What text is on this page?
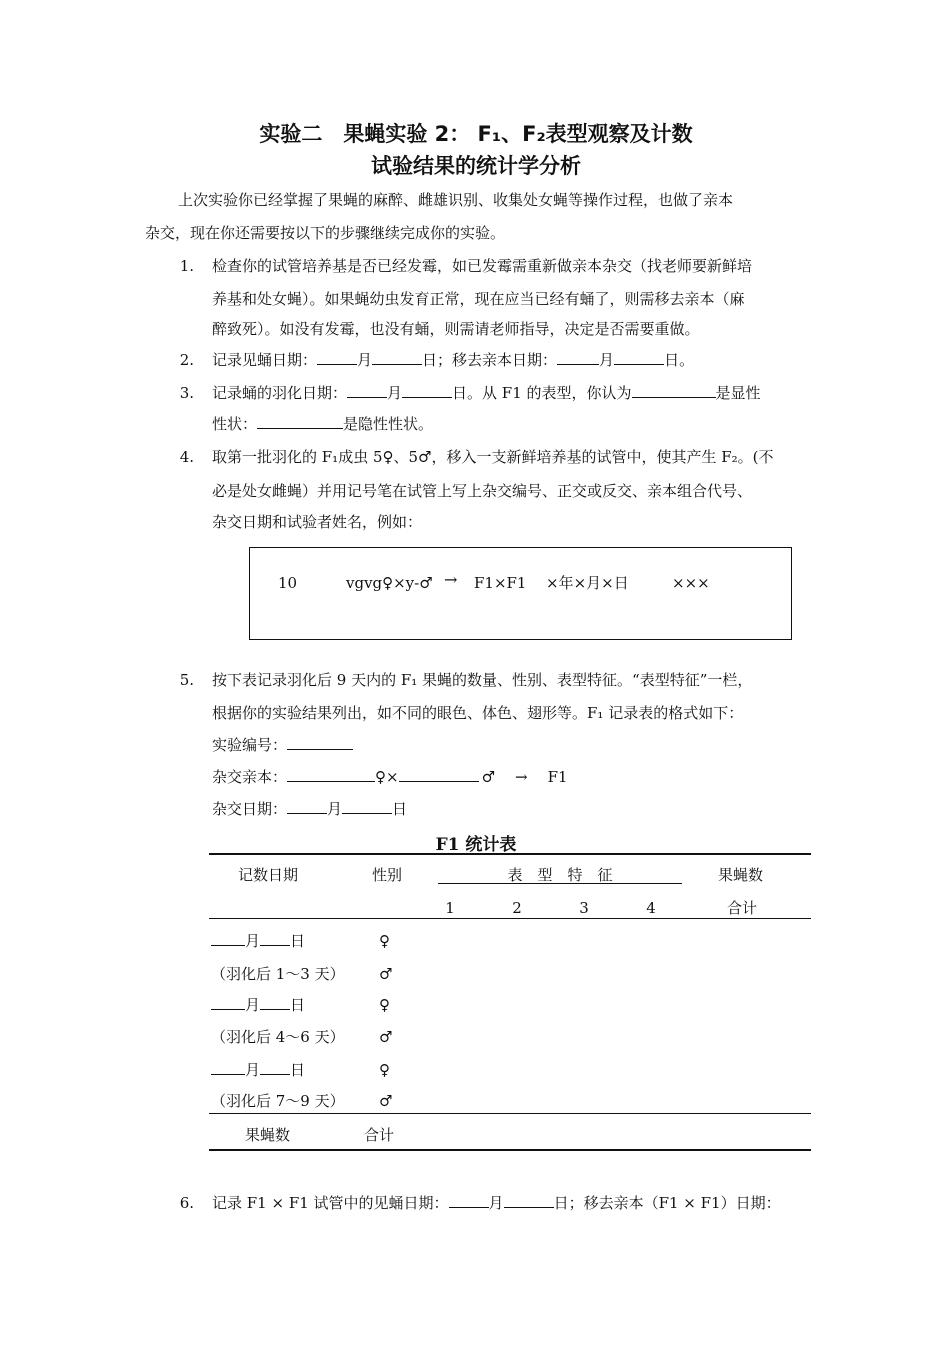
实验二　果蝇实验 2： F₁、F₂表型观察及计数
试验结果的统计学分析
上次实验你已经掌握了果蝇的麻醉、雌雄识别、收集处女蝇等操作过程，也做了亲本
杂交，现在你还需要按以下的步骤继续完成你的实验。
1. 检查你的试管培养基是否已经发霉，如已发霉需重新做亲本杂交（找老师要新鲜培
养基和处女蝇）。如果蝇幼虫发育正常，现在应当已经有蛹了，则需移去亲本（麻
醉致死）。如没有发霉，也没有蛹，则需请老师指导，决定是否需要重做。
2. 记录见蛹日期：	月	日；移去亲本日期：	月	日。
3. 记录蛹的羽化日期：	月	日。从 F1 的表型，你认为	是显性
性状：	是隐性性状。
4. 取第一批羽化的 F₁成虫 5♀、5♂，移入一支新鲜培养基的试管中，使其产生 F₂。(不
必是处女雌蝇）并用记号笔在试管上写上杂交编号、正交或反交、亲本组合代号、
杂交日期和试验者姓名，例如：
10	vgvg♀×y-♂ → F1×F1 ×年×月×日	×××
5. 按下表记录羽化后 9 天内的 F₁ 果蝇的数量、性别、表型特征。“表型特征”一栏，
根据你的实验结果列出，如不同的眼色、体色、翅形等。F₁ 记录表的格式如下：
实验编号：
杂交亲本：	♀×	♂ → F1
杂交日期：	月	日
F1 统计表
记数日期	性别	表　型　特　征	果蝇数
1	2	3	4	合计
月 日	♀
（羽化后 1～3 天） ♂
月 日	♀
（羽化后 4～6 天） ♂
月 日	♀
（羽化后 7～9 天） ♂
果蝇数	合计
6. 记录 F1 × F1 试管中的见蛹日期：	月	日；移去亲本（F1 × F1）日期：
